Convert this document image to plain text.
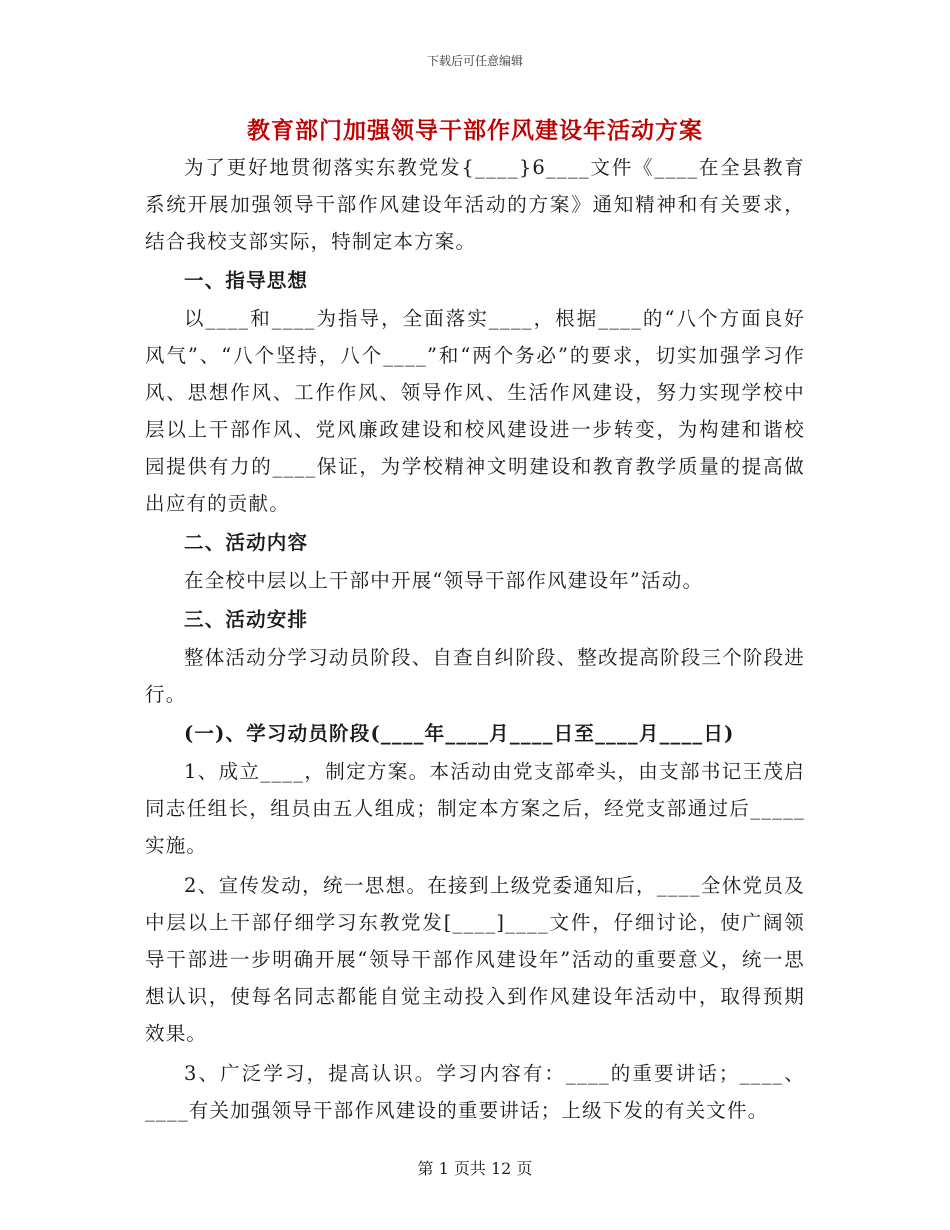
下载后可任意编辑
教育部门加强领导干部作风建设年活动方案

为了更好地贯彻落实东教党发{____}6____文件《____在全县教育系统开展加强领导干部作风建设年活动的方案》通知精神和有关要求，结合我校支部实际，特制定本方案。

一、指导思想

以____和____为指导，全面落实____，根据____的“八个方面良好风气”、“八个坚持，八个____”和“两个务必”的要求，切实加强学习作风、思想作风、工作作风、领导作风、生活作风建设，努力实现学校中层以上干部作风、党风廉政建设和校风建设进一步转变，为构建和谐校园提供有力的____保证，为学校精神文明建设和教育教学质量的提高做出应有的贡献。

二、活动内容

在全校中层以上干部中开展“领导干部作风建设年”活动。

三、活动安排

整体活动分学习动员阶段、自查自纠阶段、整改提高阶段三个阶段进行。

(一)、学习动员阶段(____年____月____日至____月____日)

1、成立____，制定方案。本活动由党支部牵头，由支部书记王茂启同志任组长，组员由五人组成；制定本方案之后，经党支部通过后_____实施。

2、宣传发动，统一思想。在接到上级党委通知后，____全休党员及中层以上干部仔细学习东教党发[____]____文件，仔细讨论，使广阔领导干部进一步明确开展“领导干部作风建设年”活动的重要意义，统一思想认识，使每名同志都能自觉主动投入到作风建设年活动中，取得预期效果。

3、广泛学习，提高认识。学习内容有：____的重要讲话；____、____有关加强领导干部作风建设的重要讲话；上级下发的有关文件。

第 1 页共 12 页
